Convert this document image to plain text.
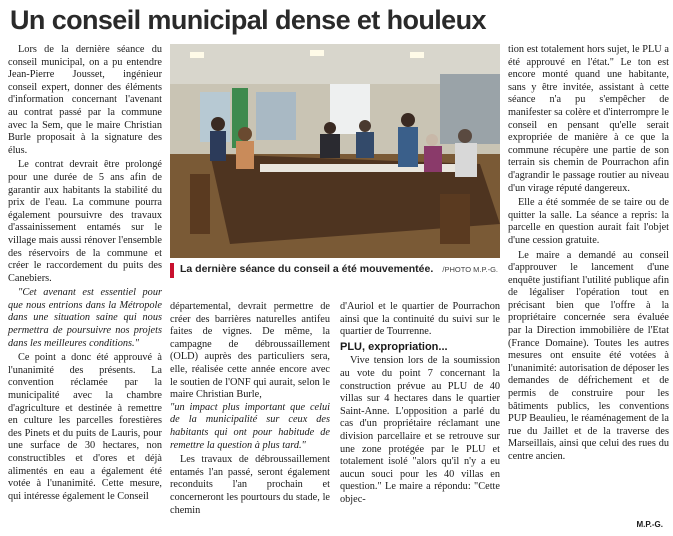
Un conseil municipal dense et houleux

Lors de la dernière séance du conseil municipal, on a pu entendre Jean-Pierre Jousset, ingénieur conseil expert, donner des éléments d'information concernant l'avenant au contrat passé par la commune avec la Sem, que le maire Christian Burle proposait à la signature des élus.

Le contrat devrait être prolongé pour une durée de 5 ans afin de garantir aux habitants la stabilité du prix de l'eau. La commune pourra également poursuivre des travaux d'assainissement entamés sur le village mais aussi rénover l'ensemble des réservoirs de la commune et créer le raccordement du puits des Canebiers.

"Cet avenant est essentiel pour que nous entrions dans la Métropole dans une situation saine qui nous permettra de poursuivre nos projets dans les meilleures conditions."

Ce point a donc été approuvé à l'unanimité des présents. La convention réclamée par la municipalité avec la chambre d'agriculture et destinée à remettre en culture les parcelles forestières des Pinets et du puits de Lauris, pour une surface de 30 hectares, non constructibles et d'ores et déjà alimentés en eau a également été votée à l'unanimité. Cette mesure, qui intéresse également le Conseil

La dernière séance du conseil a été mouvementée. /PHOTO M.P.-G.

départemental, devrait permettre de créer des barrières naturelles antifeu faites de vignes. De même, la campagne de débroussaillement (OLD) auprès des particuliers sera, elle, réalisée cette année encore avec le soutien de l'ONF qui aurait, selon le maire Christian Burle,

"un impact plus important que celui de la municipalité sur ceux des habitants qui ont pour habitude de remettre la question à plus tard."

Les travaux de débroussaillement entamés l'an passé, seront également reconduits l'an prochain et concerneront les pourtours du stade, le chemin

d'Auriol et le quartier de Pourrachon ainsi que la continuité du suivi sur le quartier de Tourrenne.

PLU, expropriation...

Vive tension lors de la soumission au vote du point 7 concernant la construction prévue au PLU de 40 villas sur 4 hectares dans le quartier Saint-Anne. L'opposition a parlé du cas d'un propriétaire réclamant une division parcellaire et se retrouve sur une zone protégée par le PLU et totalement isolé "alors qu'il n'y a eu aucun souci pour les 40 villas en question." Le maire a répondu: "Cette objec-

tion est totalement hors sujet, le PLU a été approuvé en l'état." Le ton est encore monté quand une habitante, sans y être invitée, assistant à cette séance n'a pu s'empêcher de manifester sa colère et d'interrompre le conseil en pensant qu'elle serait expropriée de manière à ce que la commune récupère une partie de son terrain sis chemin de Pourrachon afin d'agrandir le passage routier au niveau d'un virage réputé dangereux.

Elle a été sommée de se taire ou de quitter la salle. La séance a repris: la parcelle en question aurait fait l'objet d'une cession gratuite.

Le maire a demandé au conseil d'approuver le lancement d'une enquête justifiant l'utilité publique afin de légaliser l'opération tout en précisant bien que l'offre à la propriétaire concernée sera évaluée par la Direction immobilière de l'Etat (France Domaine). Toutes les autres mesures ont ensuite été votées à l'unanimité: autorisation de déposer les demandes de défrichement et de permis de construire pour les bâtiments publics, les conventions PUP Beaulieu, le réaménagement de la rue du Jaillet et de la traverse des Marseillais, ainsi que celui des rues du centre ancien.

M.P.-G.
